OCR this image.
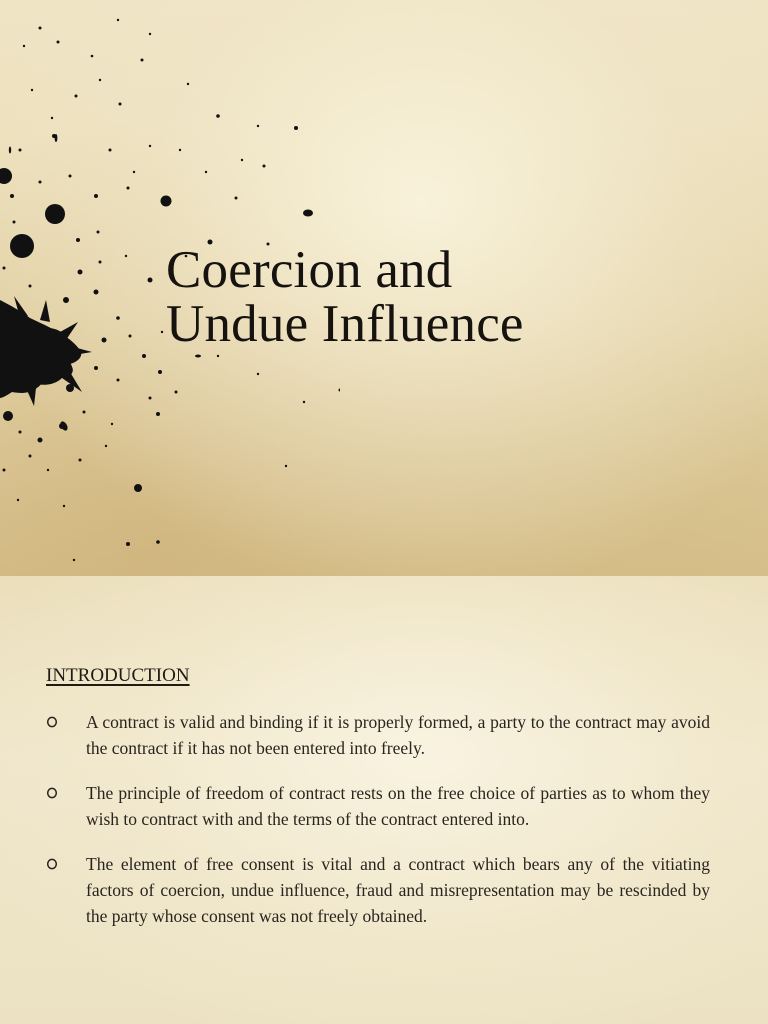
Coercion and
Undue Influence
INTRODUCTION
A contract is valid and binding if it is properly formed, a party to the contract may avoid the contract if it has not been entered into freely.
The principle of freedom of contract rests on the free choice of parties as to whom they wish to contract with and the terms of the contract entered into.
The element of free consent is vital and a contract which bears any of the vitiating factors of coercion, undue influence, fraud and misrepresentation may be rescinded by the party whose consent was not freely obtained.
